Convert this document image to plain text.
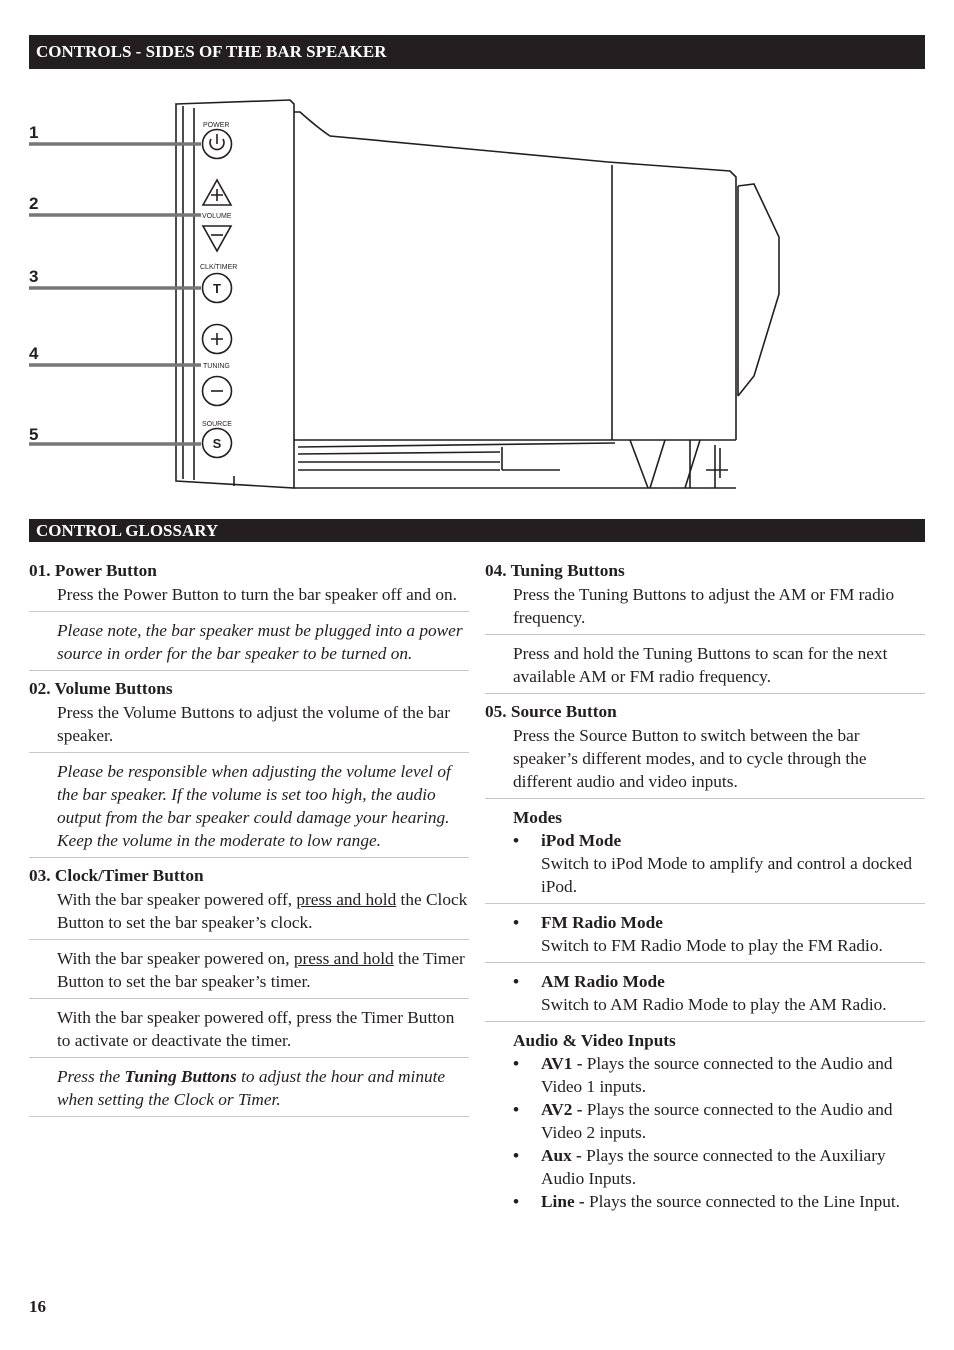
CONTROLS - SIDES OF THE BAR SPEAKER
1
2
3
4
5
POWER
VOLUME
CLK/TIMER
TUNING
SOURCE
T
S
CONTROL GLOSSARY
01. Power Button
Press the Power Button to turn the bar speaker off and on.
Please note, the bar speaker must be plugged into a power source in order for the bar speaker to be turned on.
02. Volume Buttons
Press the Volume Buttons to adjust the volume of the bar speaker.
Please be responsible when adjusting the volume level of the bar speaker. If the volume is set too high, the audio output from the bar speaker could damage your hearing. Keep the volume in the moderate to low range.
03. Clock/Timer Button
With the bar speaker powered off, press and hold the Clock Button to set the bar speaker’s clock.
With the bar speaker powered on, press and hold the Timer Button to set the bar speaker’s timer.
With the bar speaker powered off, press the Timer Button to activate or deactivate the timer.
Press the Tuning Buttons to adjust the hour and minute when setting the Clock or Timer.
04. Tuning Buttons
Press the Tuning Buttons to adjust the AM or FM radio frequency.
Press and hold the Tuning Buttons to scan for the next available AM or FM radio frequency.
05. Source Button
Press the Source Button to switch between the bar speaker’s different modes, and to cycle through the different audio and video inputs.
Modes
• iPod Mode
Switch to iPod Mode to amplify and control a docked iPod.
• FM Radio Mode
Switch to FM Radio Mode to play the FM Radio.
• AM Radio Mode
Switch to AM Radio Mode to play the AM Radio.
Audio & Video Inputs
• AV1 - Plays the source connected to the Audio and Video 1 inputs.
• AV2 - Plays the source connected to the Audio and Video 2 inputs.
• Aux - Plays the source connected to the Auxiliary Audio Inputs.
• Line - Plays the source connected to the Line Input.
16
